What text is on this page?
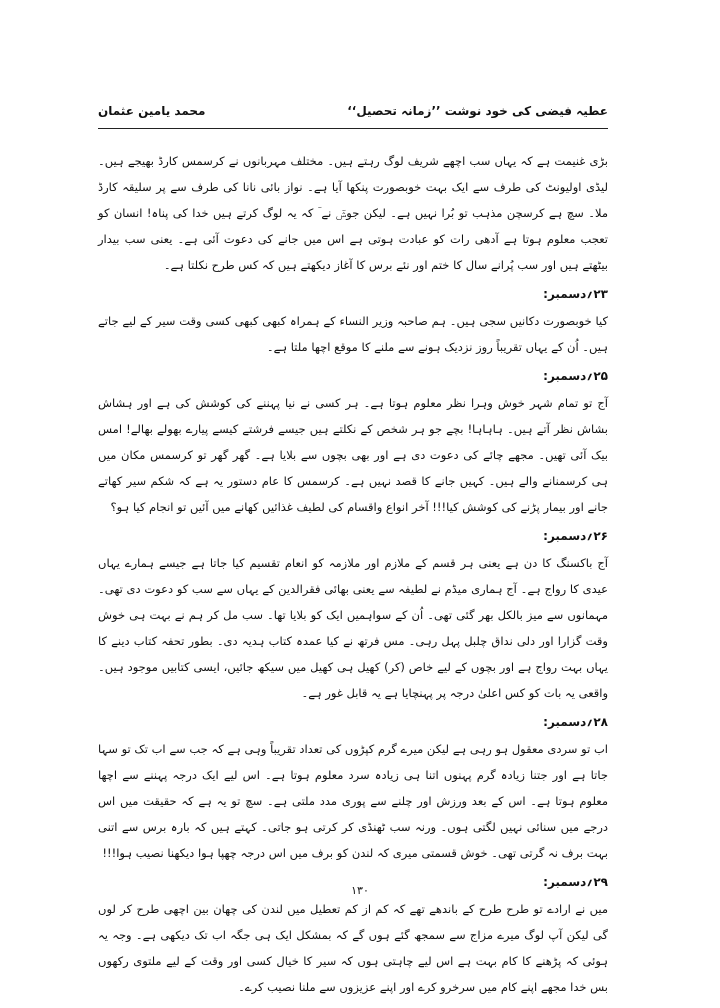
عطیہ فیضی کی خود نوشت ’’زمانہ تحصیل‘‘
محمد یامین عثمان

بڑی غنیمت ہے کہ یہاں سب اچھے شریف لوگ رہتے ہیں۔ مختلف مہربانوں نے کرسمس کارڈ بھیجے ہیں۔ لیڈی اولیونٹ کی طرف سے ایک بہت خوبصورت پنکھا آیا ہے۔ نواز بائی نانا کی طرف سے پر سلیقہ کارڈ ملا۔ سچ ہے کرسچن مذہب تو بُرا نہیں ہے۔ لیکن جوشؔ نے ؔ کہ یہ لوگ کرتے ہیں خدا کی پناہ! انسان کو تعجب معلوم ہوتا ہے آدھی رات کو عبادت ہوتی ہے اس میں جانے کی دعوت آئی ہے۔ یعنی سب بیدار بیٹھتے ہیں اور سب پُرانے سال کا ختم اور نئے برس کا آغاز دیکھتے ہیں کہ کس طرح نکلتا ہے۔

۲۳؍دسمبر:

کیا خوبصورت دکانیں سجی ہیں۔ ہم صاحبہ وزیر النساء کے ہمراہ کبھی کبھی کسی وقت سیر کے لیے جاتے ہیں۔ اُن کے یہاں تقریباً روز نزدیک ہونے سے ملنے کا موقع اچھا ملتا ہے۔

۲۵؍دسمبر:

آج تو تمام شہر خوش وہرا نظر معلوم ہوتا ہے۔ ہر کسی نے نیا پہننے کی کوشش کی ہے اور ہشاش بشاش نظر آتے ہیں۔ ہاہاہا! بچے جو ہر شخص کے نکلتے ہیں جیسے فرشتے کیسے پیارے بھولے بھالے! امس بیک آئی تھیں۔ مجھے چائے کی دعوت دی ہے اور بھی بچوں سے بلایا ہے۔ گھر گھر تو کرسمس مکان میں ہی کرسمنانے والے ہیں۔ کہیں جانے کا قصد نہیں ہے۔ کرسمس کا عام دستور یہ ہے کہ شکم سیر کھاتے جانے اور بیمار پڑنے کی کوشش کیا!!! آخر انواع واقسام کی لطیف غذائیں کھانے میں آئیں تو انجام کیا ہو؟

۲۶؍دسمبر:

آج باکسنگ کا دن ہے یعنی ہر قسم کے ملازم اور ملازمہ کو انعام تقسیم کیا جاتا ہے جیسے ہمارے یہاں عیدی کا رواج ہے۔ آج ہماری میڈم نے لطیفہ سے یعنی بھائی فقرالدین کے یہاں سے سب کو دعوت دی تھی۔ مہمانوں سے میز بالکل بھر گئی تھی۔ اُن کے سواہمیں ایک کو بلایا تھا۔ سب مل کر ہم نے بہت ہی خوش وقت گزارا اور دلی نداق چلبل پہل رہی۔ مس فرتھ نے کیا عمدہ کتاب ہدیہ دی۔ بطور تحفہ کتاب دینے کا یہاں بہت رواج ہے اور بچوں کے لیے خاص (کر) کھیل ہی کھیل میں سیکھ جائیں، ایسی کتابیں موجود ہیں۔ واقعی یہ بات کو کس اعلیٰ درجہ پر پہنچایا ہے یہ قابل غور ہے۔

۲۸؍دسمبر:

اب تو سردی معقول ہو رہی ہے لیکن میرے گرم کپڑوں کی تعداد تقریباً وہی ہے کہ جب سے اب تک تو سہا جاتا ہے اور جتنا زیادہ گرم پہنوں اتنا ہی زیادہ سرد معلوم ہوتا ہے۔ اس لیے ایک درجہ پہننے سے اچھا معلوم ہوتا ہے۔ اس کے بعد ورزش اور چلنے سے پوری مدد ملتی ہے۔ سچ تو یہ ہے کہ حقیقت میں اس درجے میں سنائی نہیں لگتی ہوں۔ ورنہ سب ٹھنڈی کر کرتی ہو جاتی۔ کہتے ہیں کہ بارہ برس سے اتنی بہت برف نہ گرتی تھی۔ خوش قسمتی میری کہ لندن کو برف میں اس درجہ چھپا ہوا دیکھنا نصیب ہوا!!!

۲۹؍دسمبر:

میں نے ارادے تو طرح طرح کے باندھے تھے کہ کم از کم تعطیل میں لندن کی چھان بین اچھی طرح کر لوں گی لیکن آپ لوگ میرے مزاج سے سمجھ گئے ہوں گے کہ بمشکل ایک ہی جگہ اب تک دیکھی ہے۔ وجہ یہ ہوئی کہ پڑھنے کا کام بہت ہے اس لیے چاہتی ہوں کہ سیر کا خیال کسی اور وقت کے لیے ملتوی رکھوں بس خدا مجھے اپنے کام میں سرخرو کرے اور اپنے عزیزوں سے ملنا نصیب کرے۔

۱۳۰
